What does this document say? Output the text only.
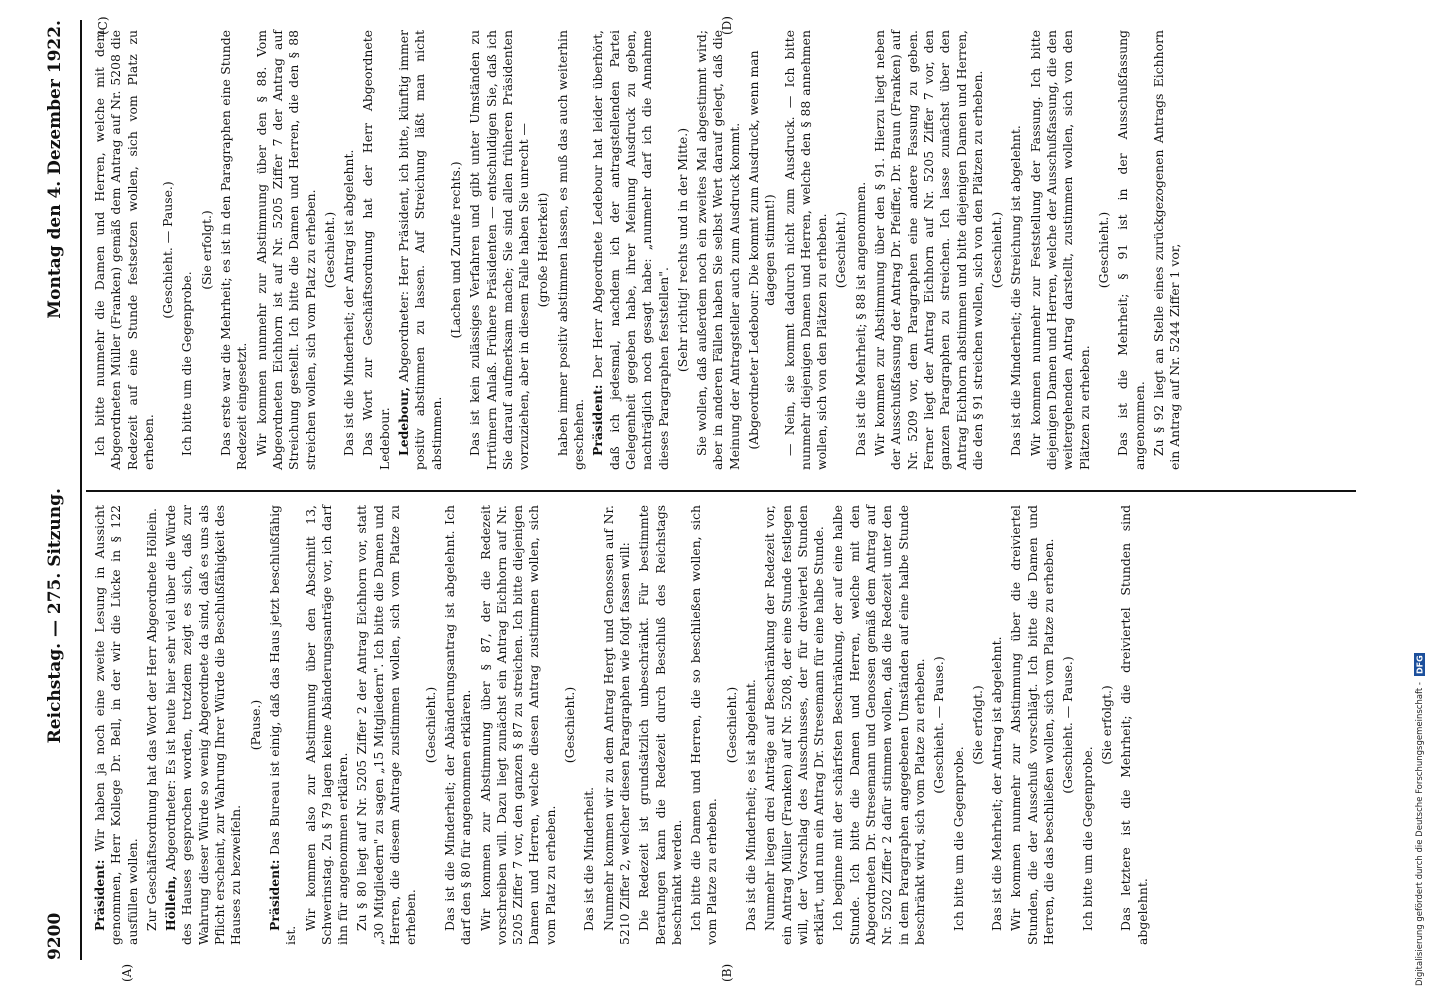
9200
Reichstag. — 275. Sitzung.
Montag den 4. Dezember 1922.
(A)	(B)
(C)	(D)

Präsident: Wir haben ja noch eine zweite Lesung in Aussicht genommen, Herr Kollege Dr. Bell, in der wir die Lücke in § 122 ausfüllen wollen. Zur Geschäftsordnung hat das Wort der Herr Abgeordnete Höllein. Höllein, Abgeordneter: Es ist heute hier sehr viel über die Würde des Hauses gesprochen worden, trotzdem zeigt es sich, daß zur Wahrung dieser Würde so wenig Abgeordnete da sind, daß es uns als Pflicht erscheint, zur Wahrung Ihrer Würde die Beschlußfähigkeit des Hauses zu bezweifeln.

(Pause.)

Präsident: Das Bureau ist einig, daß das Haus jetzt beschlußfähig ist.

Wir kommen also zur Abstimmung über den Abschnitt 13, Schwerinstag. Zu § 79 lagen keine Abänderungsanträge vor, ich darf ihn für angenommen erklären. Zu § 80 liegt auf Nr. 5205 Ziffer 2 der Antrag Eichhorn vor, statt „30 Mitgliedern" zu sagen „15 Mitgliedern". Ich bitte die Damen und Herren, die diesem Antrage zustimmen wollen, sich vom Platze zu erheben.

(Geschieht.) Das ist die Minderheit; der Abänderungsantrag ist abgelehnt. Ich darf den § 80 für angenommen erklären. Wir kommen zur Abstimmung über § 87, der die Redezeit vorschreiben will. Dazu liegt zunächst ein Antrag Eichhorn auf Nr. 5205 Ziffer 7 vor, den ganzen § 87 zu streichen. Ich bitte diejenigen Damen und Herren, welche diesen Antrag zustimmen wollen, sich vom Platz zu erheben.

(Geschieht.)

Das ist die Minderheit. Nunmehr kommen wir zu dem Antrag Hergt und Genossen auf Nr. 5210 Ziffer 2, welcher diesen Paragraphen wie folgt fassen will: Die Redezeit ist grundsätzlich unbeschränkt. Für bestimmte Beratungen kann die Redezeit durch Beschluß des Reichstags beschränkt werden. Ich bitte die Damen und Herren, die so beschließen wollen, sich vom Platze zu erheben.

(Geschieht.) Das ist die Minderheit; es ist abgelehnt. Nunmehr liegen drei Anträge auf Beschränkung der Redezeit vor, ein Antrag Müller (Franken) auf Nr. 5208, der eine Stunde festlegen will, der Vorschlag des Ausschusses, der für dreiviertel Stunden erklärt, und nun ein Antrag Dr. Stresemann für eine halbe Stunde. Ich beginne mit der schärfsten Beschränkung, der auf eine halbe Stunde. Ich bitte die Damen und Herren, welche mit den Abgeordneten Dr. Stresemann und Genossen gemäß dem Antrag auf Nr. 5202 Ziffer 2 dafür stimmen wollen, daß die Redezeit unter den in dem Paragraphen angegebenen Umständen auf eine halbe Stunde beschränkt wird, sich vom Platze zu erheben. (Geschieht. — Pause.)

Ich bitte um die Gegenprobe.

(Sie erfolgt.) Das ist die Mehrheit; der Antrag ist abgelehnt. Wir kommen nunmehr zur Abstimmung über die dreiviertel Stunden, die der Ausschuß vorschlägt. Ich bitte die Damen und Herren, die das beschließen wollen, sich vom Platze zu erheben. (Geschieht. — Pause.)

Ich bitte um die Gegenprobe.

(Sie erfolgt.) Das letztere ist die Mehrheit; die dreiviertel Stunden sind abgelehnt.

Ich bitte nunmehr die Damen und Herren, welche mit dem Abgeordneten Müller (Franken) gemäß dem Antrag auf Nr. 5208 die Redezeit auf eine Stunde festsetzen wollen, sich vom Platz zu erheben.

(Geschieht. — Pause.)

Ich bitte um die Gegenprobe.

(Sie erfolgt.) Das erste war die Mehrheit; es ist in den Paragraphen eine Stunde Redezeit eingesetzt. Wir kommen nunmehr zur Abstimmung über den § 88. Vom Abgeordneten Eichhorn ist auf Nr. 5205 Ziffer 7 der Antrag auf Streichung gestellt. Ich bitte die Damen und Herren, die den § 88 streichen wollen, sich vom Platz zu erheben. (Geschieht.) Das ist die Minderheit; der Antrag ist abgelehnt. Das Wort zur Geschäftsordnung hat der Herr Abgeordnete Ledebour. Ledebour, Abgeordneter: Herr Präsident, ich bitte, künftig immer positiv abstimmen zu lassen. Auf Streichung läßt man nicht abstimmen.

(Lachen und Zurufe rechts.) Das ist kein zulässiges Verfahren und gibt unter Umständen zu Irrtümern Anlaß. Frühere Präsidenten — entschuldigen Sie, daß ich Sie darauf aufmerksam mache; Sie sind allen früheren Präsidenten vorzuziehen, aber in diesem Falle haben Sie unrecht — (große Heiterkeit) haben immer positiv abstimmen lassen, es muß das auch weiterhin geschehen. Präsident: Der Herr Abgeordnete Ledebour hat leider überhört, daß ich jedesmal, nachdem ich der antragstellenden Partei Gelegenheit gegeben habe, ihrer Meinung Ausdruck zu geben, nachträglich noch gesagt habe: „nunmehr darf ich die Annahme dieses Paragraphen feststellen". (Sehr richtig! rechts und in der Mitte.) Sie wollen, daß außerdem noch ein zweites Mal abgestimmt wird; aber in anderen Fällen haben Sie selbst Wert darauf gelegt, daß die Meinung der Antragsteller auch zum Ausdruck kommt. (Abgeordneter Ledebour: Die kommt zum Ausdruck, wenn man dagegen stimmt!) — Nein, sie kommt dadurch nicht zum Ausdruck. — Ich bitte nunmehr diejenigen Damen und Herren, welche den § 88 annehmen wollen, sich von den Plätzen zu erheben. (Geschieht.) Das ist die Mehrheit; § 88 ist angenommen. Wir kommen zur Abstimmung über den § 91. Hierzu liegt neben der Ausschußfassung der Antrag Dr. Pfeiffer, Dr. Braun (Franken) auf Nr. 5209 vor, dem Paragraphen eine andere Fassung zu geben. Ferner liegt der Antrag Eichhorn auf Nr. 5205 Ziffer 7 vor, den ganzen Paragraphen zu streichen. Ich lasse zunächst über den Antrag Eichhorn abstimmen und bitte diejenigen Damen und Herren, die den § 91 streichen wollen, sich von den Plätzen zu erheben. (Geschieht.) Das ist die Minderheit; die Streichung ist abgelehnt. Wir kommen nunmehr zur Feststellung der Fassung. Ich bitte diejenigen Damen und Herren, welche der Ausschußfassung, die den weitergehenden Antrag darstellt, zustimmen wollen, sich von den Plätzen zu erheben.

(Geschieht.) Das ist die Mehrheit; § 91 ist in der Ausschußfassung angenommen. Zu § 92 liegt an Stelle eines zurückgezogenen Antrags Eichhorn ein Antrag auf Nr. 5244 Ziffer 1 vor,

Digitalisierung gefördert durch die Deutsche Forschungsgemeinschaft -
DFG
